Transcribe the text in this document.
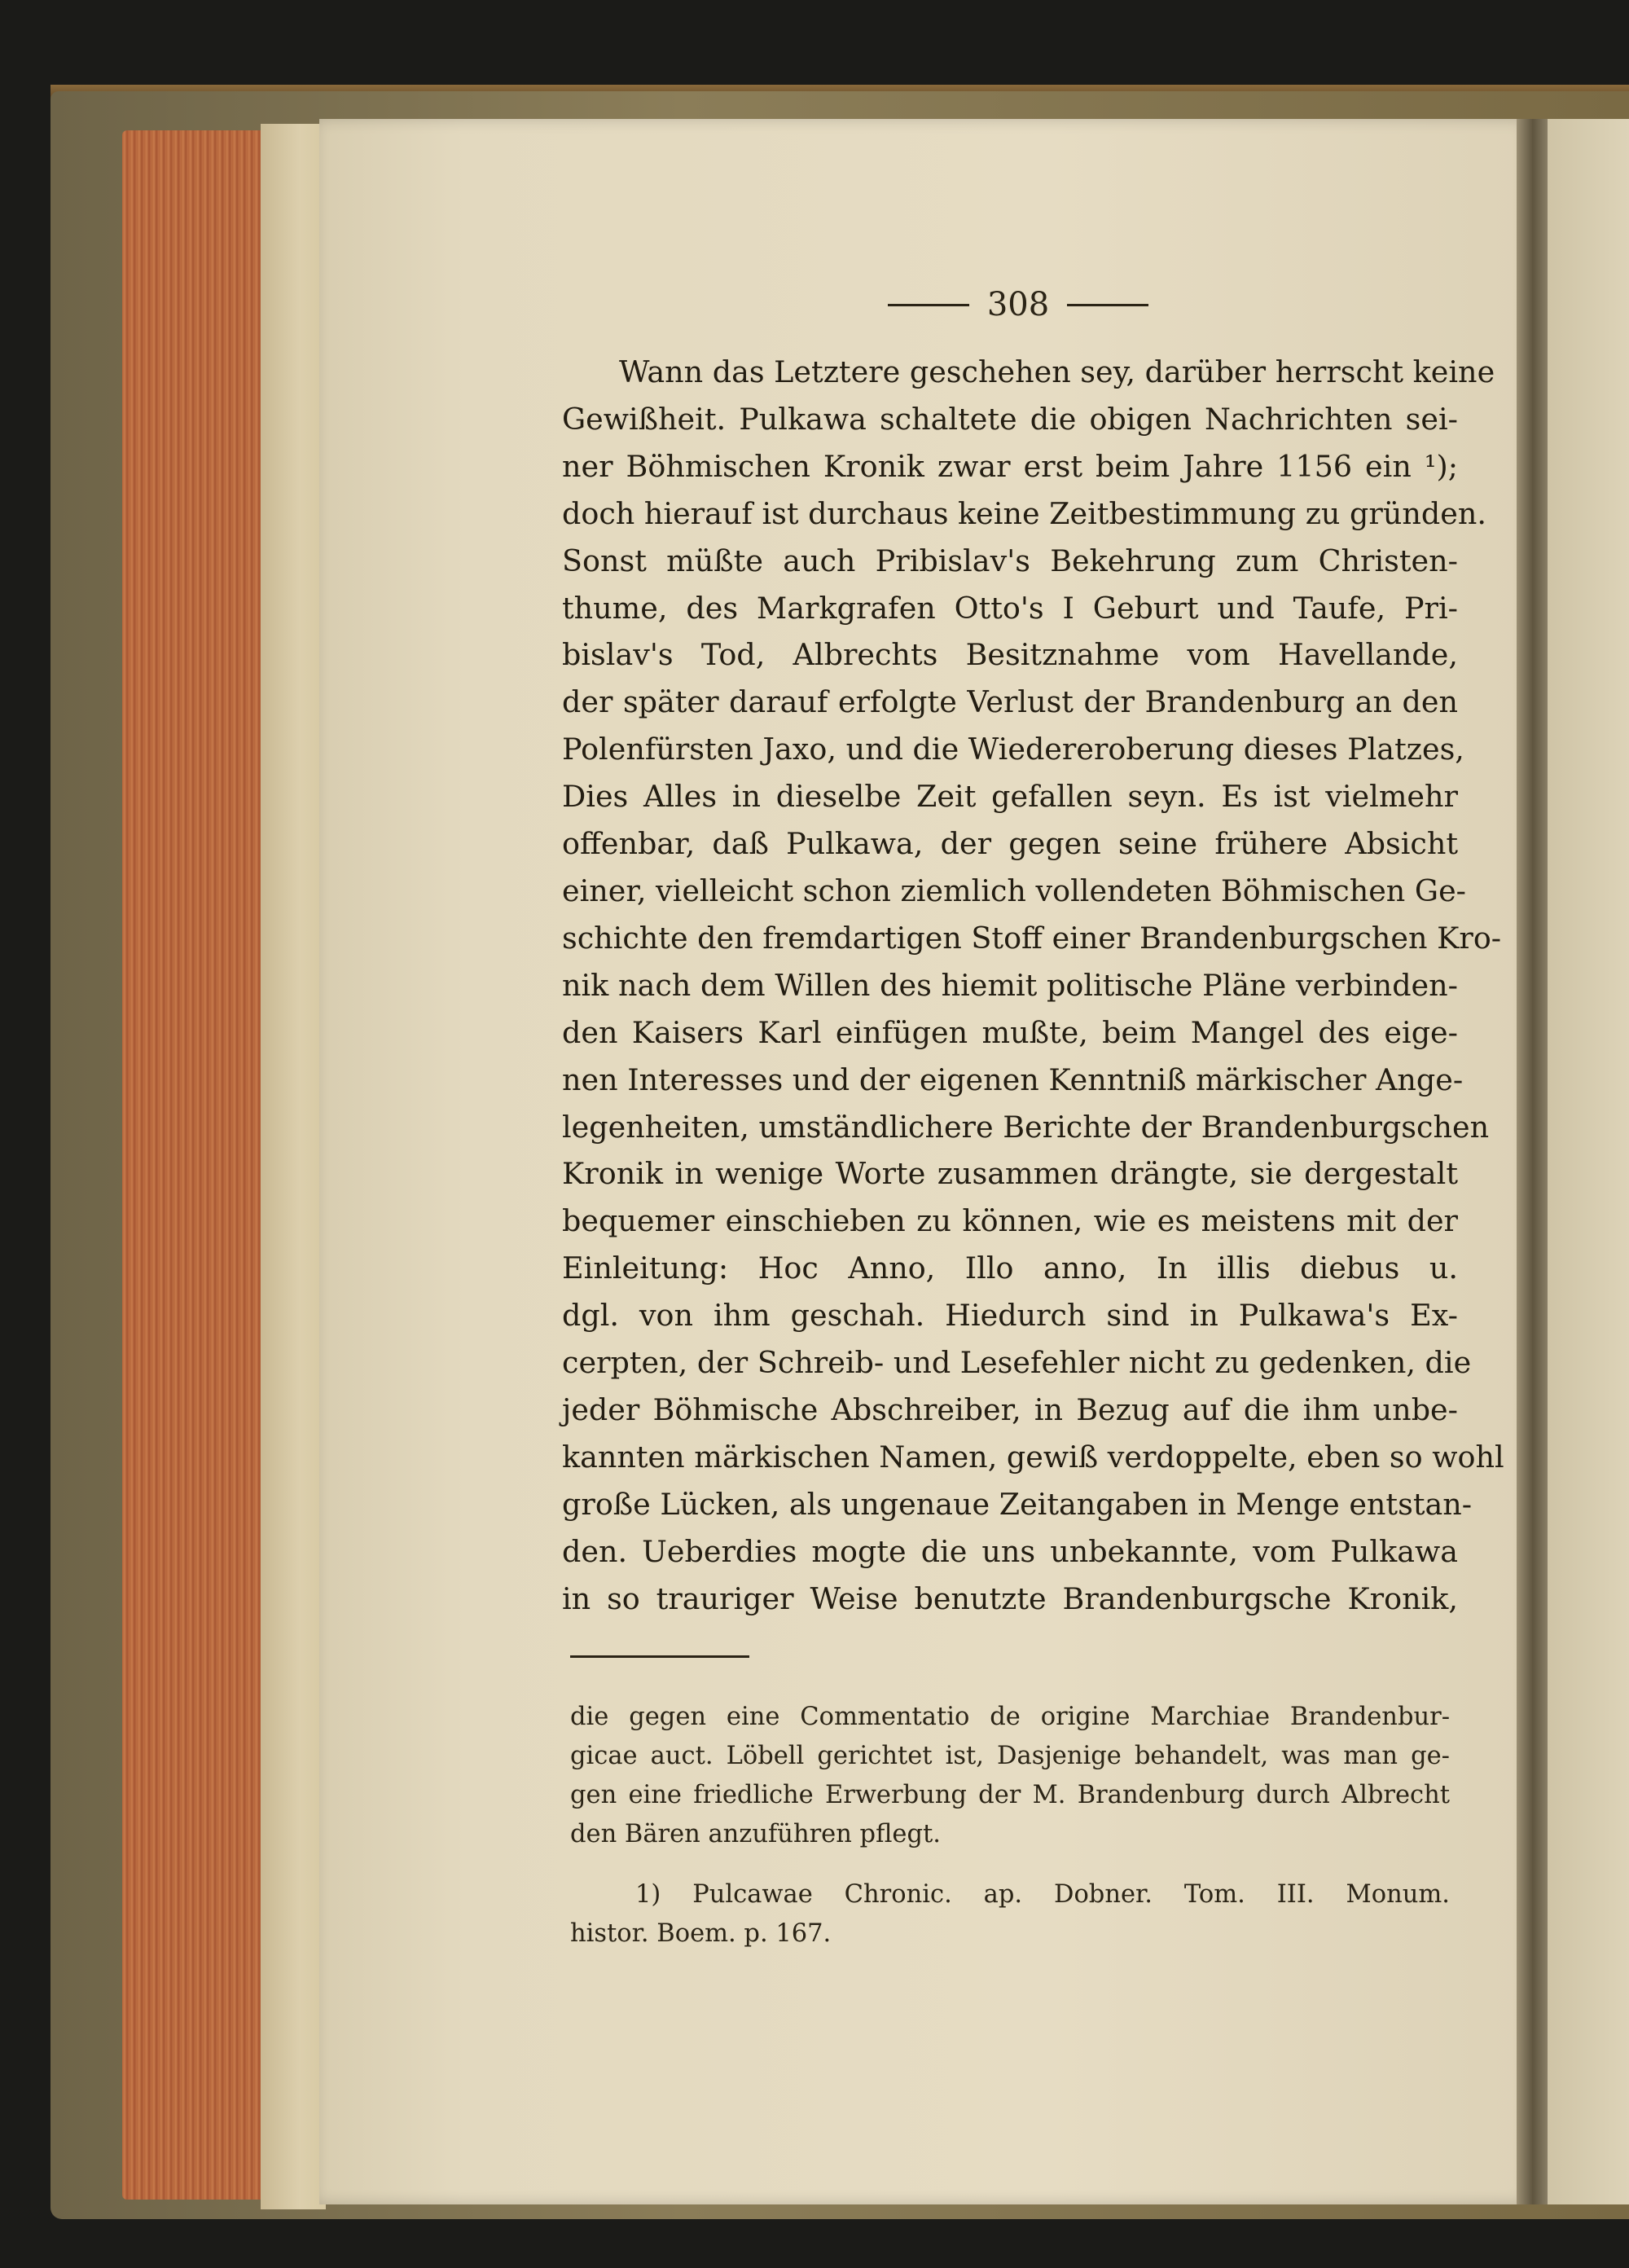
308
Wann das Letztere geschehen sey, darüber herrscht keine
Gewißheit. Pulkawa schaltete die obigen Nachrichten sei-
ner Böhmischen Kronik zwar erst beim Jahre 1156 ein ¹);
doch hierauf ist durchaus keine Zeitbestimmung zu gründen.
Sonst müßte auch Pribislav's Bekehrung zum Christen-
thume, des Markgrafen Otto's I Geburt und Taufe, Pri-
bislav's Tod, Albrechts Besitznahme vom Havellande,
der später darauf erfolgte Verlust der Brandenburg an den
Polenfürsten Jaxo, und die Wiedereroberung dieses Platzes,
Dies Alles in dieselbe Zeit gefallen seyn. Es ist vielmehr
offenbar, daß Pulkawa, der gegen seine frühere Absicht
einer, vielleicht schon ziemlich vollendeten Böhmischen Ge-
schichte den fremdartigen Stoff einer Brandenburgschen Kro-
nik nach dem Willen des hiemit politische Pläne verbinden-
den Kaisers Karl einfügen mußte, beim Mangel des eige-
nen Interesses und der eigenen Kenntniß märkischer Ange-
legenheiten, umständlichere Berichte der Brandenburgschen
Kronik in wenige Worte zusammen drängte, sie dergestalt
bequemer einschieben zu können, wie es meistens mit der
Einleitung: Hoc Anno, Illo anno, In illis diebus u.
dgl. von ihm geschah. Hiedurch sind in Pulkawa's Ex-
cerpten, der Schreib- und Lesefehler nicht zu gedenken, die
jeder Böhmische Abschreiber, in Bezug auf die ihm unbe-
kannten märkischen Namen, gewiß verdoppelte, eben so wohl
große Lücken, als ungenaue Zeitangaben in Menge entstan-
den. Ueberdies mogte die uns unbekannte, vom Pulkawa
in so trauriger Weise benutzte Brandenburgsche Kronik,
die gegen eine Commentatio de origine Marchiae Brandenbur-
gicae auct. Löbell gerichtet ist, Dasjenige behandelt, was man ge-
gen eine friedliche Erwerbung der M. Brandenburg durch Albrecht
den Bären anzuführen pflegt.
1) Pulcawae Chronic. ap. Dobner. Tom. III. Monum.
histor. Boem. p. 167.
